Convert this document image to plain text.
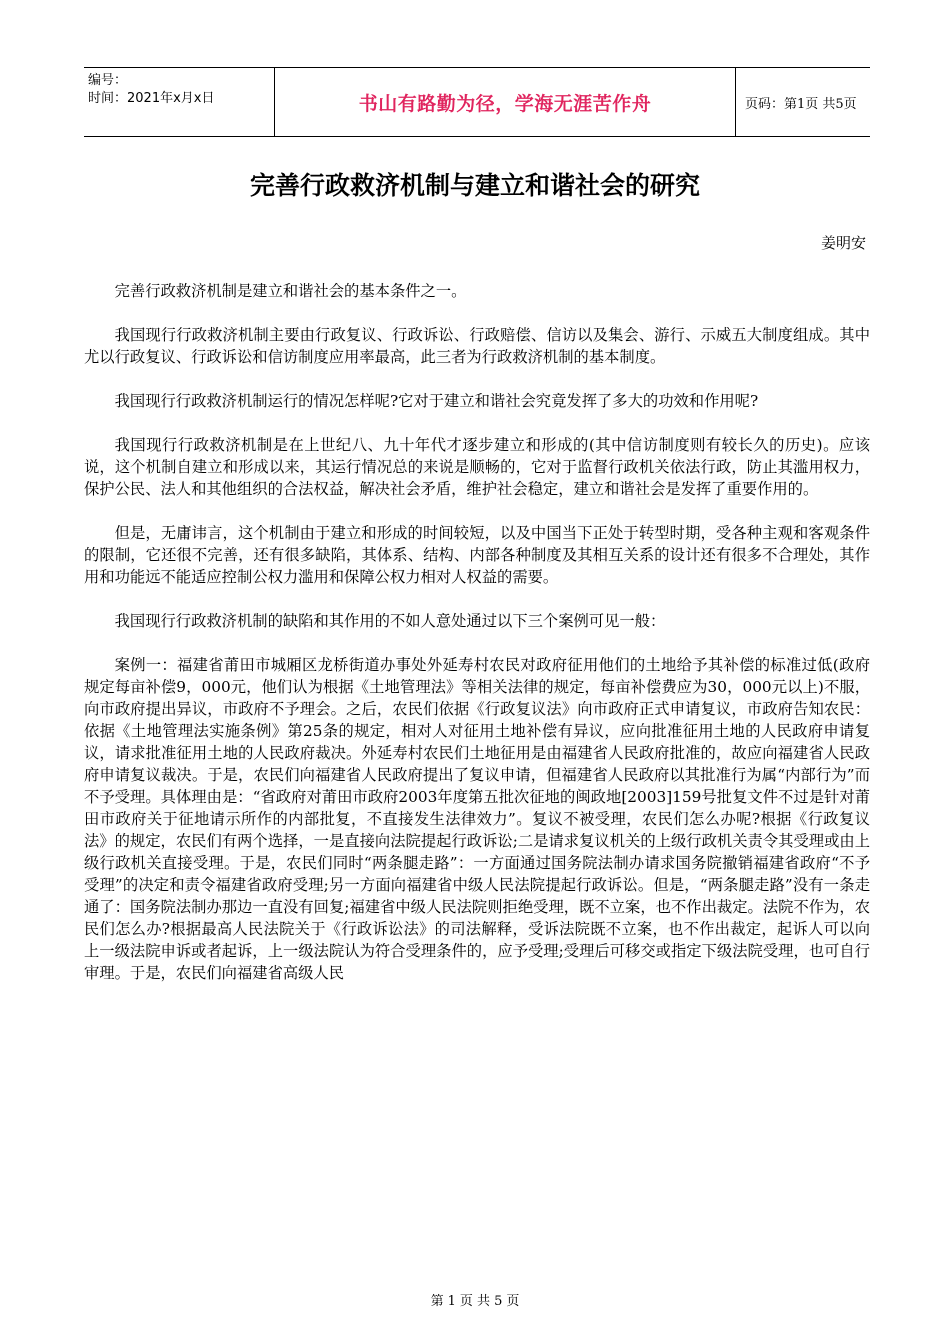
编号：
时间：2021年x月x日	书山有路勤为径，学海无涯苦作舟	页码：第1页 共5页
完善行政救济机制与建立和谐社会的研究
姜明安

完善行政救济机制是建立和谐社会的基本条件之一。

我国现行行政救济机制主要由行政复议、行政诉讼、行政赔偿、信访以及集会、游行、示威五大制度组成。其中尤以行政复议、行政诉讼和信访制度应用率最高，此三者为行政救济机制的基本制度。

我国现行行政救济机制运行的情况怎样呢?它对于建立和谐社会究竟发挥了多大的功效和作用呢?

我国现行行政救济机制是在上世纪八、九十年代才逐步建立和形成的(其中信访制度则有较长久的历史)。应该说，这个机制自建立和形成以来，其运行情况总的来说是顺畅的，它对于监督行政机关依法行政，防止其滥用权力，保护公民、法人和其他组织的合法权益，解决社会矛盾，维护社会稳定，建立和谐社会是发挥了重要作用的。

但是，无庸讳言，这个机制由于建立和形成的时间较短，以及中国当下正处于转型时期，受各种主观和客观条件的限制，它还很不完善，还有很多缺陷，其体系、结构、内部各种制度及其相互关系的设计还有很多不合理处，其作用和功能远不能适应控制公权力滥用和保障公权力相对人权益的需要。

我国现行行政救济机制的缺陷和其作用的不如人意处通过以下三个案例可见一般：

案例一：福建省莆田市城厢区龙桥街道办事处外延寿村农民对政府征用他们的土地给予其补偿的标准过低(政府规定每亩补偿9，000元，他们认为根据《土地管理法》等相关法律的规定，每亩补偿费应为30，000元以上)不服，向市政府提出异议，市政府不予理会。之后，农民们依据《行政复议法》向市政府正式申请复议，市政府告知农民：依据《土地管理法实施条例》第25条的规定，相对人对征用土地补偿有异议，应向批准征用土地的人民政府申请复议，请求批准征用土地的人民政府裁决。外延寿村农民们土地征用是由福建省人民政府批准的，故应向福建省人民政府申请复议裁决。于是，农民们向福建省人民政府提出了复议申请，但福建省人民政府以其批准行为属“内部行为”而不予受理。具体理由是：“省政府对莆田市政府2003年度第五批次征地的闽政地[2003]159号批复文件不过是针对莆田市政府关于征地请示所作的内部批复，不直接发生法律效力”。复议不被受理，农民们怎么办呢?根据《行政复议法》的规定，农民们有两个选择，一是直接向法院提起行政诉讼;二是请求复议机关的上级行政机关责令其受理或由上级行政机关直接受理。于是，农民们同时“两条腿走路”：一方面通过国务院法制办请求国务院撤销福建省政府“不予受理”的决定和责令福建省政府受理;另一方面向福建省中级人民法院提起行政诉讼。但是，“两条腿走路”没有一条走通了：国务院法制办那边一直没有回复;福建省中级人民法院则拒绝受理，既不立案，也不作出裁定。法院不作为，农民们怎么办?根据最高人民法院关于《行政诉讼法》的司法解释，受诉法院既不立案，也不作出裁定，起诉人可以向上一级法院申诉或者起诉，上一级法院认为符合受理条件的，应予受理;受理后可移交或指定下级法院受理，也可自行审理。于是，农民们向福建省高级人民

第 1 页 共 5 页
